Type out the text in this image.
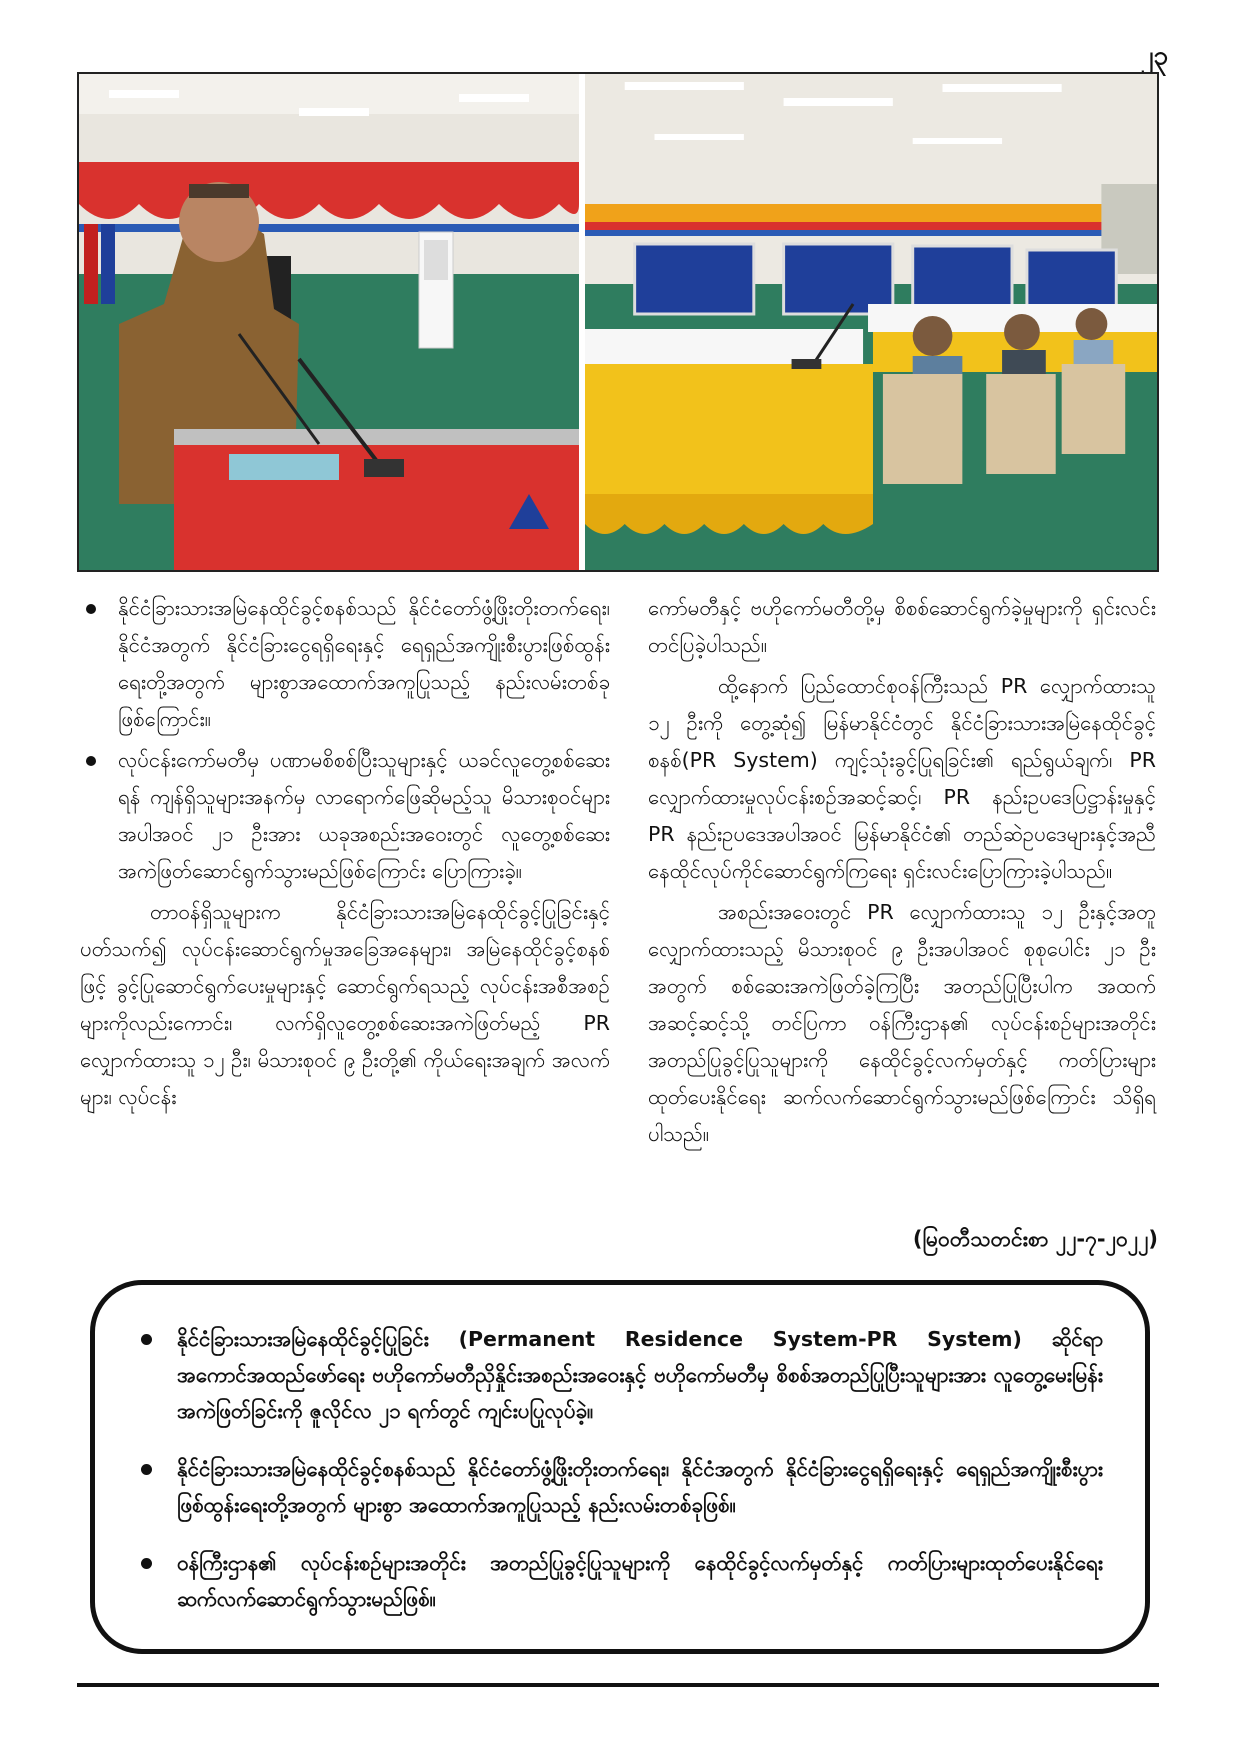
၂၃

နိုင်ငံခြားသားအမြဲနေထိုင်ခွင့်စနစ်သည် နိုင်ငံတော်ဖွံ့ဖြိုးတိုးတက်ရေး၊ နိုင်ငံအတွက် နိုင်ငံခြားငွေရရှိရေးနှင့် ရေရှည်အကျိုးစီးပွားဖြစ်ထွန်းရေးတို့အတွက် များစွာအထောက်အကူပြုသည့် နည်းလမ်းတစ်ခုဖြစ်ကြောင်း။

လုပ်ငန်းကော်မတီမှ ပဏာမစိစစ်ပြီးသူများနှင့် ယခင်လူတွေ့စစ်ဆေးရန် ကျန်ရှိသူများအနက်မှ လာရောက်ဖြေဆိုမည့်သူ မိသားစုဝင်များအပါအဝင် ၂၁ ဦးအား ယခုအစည်းအဝေးတွင် လူတွေ့စစ်ဆေးအကဲဖြတ်ဆောင်ရွက်သွားမည်ဖြစ်ကြောင်း ပြောကြားခဲ့။

တာဝန်ရှိသူများက နိုင်ငံခြားသားအမြဲနေထိုင်ခွင့်ပြုခြင်းနှင့်ပတ်သက်၍ လုပ်ငန်းဆောင်ရွက်မှုအခြေအနေများ၊ အမြဲနေထိုင်ခွင့်စနစ်ဖြင့် ခွင့်ပြုဆောင်ရွက်ပေးမှုများနှင့် ဆောင်ရွက်ရသည့် လုပ်ငန်းအစီအစဉ်များကိုလည်းကောင်း၊ လက်ရှိလူတွေ့စစ်ဆေးအကဲဖြတ်မည့် PR လျှောက်ထားသူ ၁၂ ဦး၊ မိသားစုဝင် ၉ ဦးတို့၏ ကိုယ်ရေးအချက် အလက်များ၊ လုပ်ငန်း

ကော်မတီနှင့် ဗဟိုကော်မတီတို့မှ စိစစ်ဆောင်ရွက်ခဲ့မှုများကို ရှင်းလင်းတင်ပြခဲ့ပါသည်။

ထို့နောက် ပြည်ထောင်စုဝန်ကြီးသည် PR လျှောက်ထားသူ ၁၂ ဦးကို တွေ့ဆုံ၍ မြန်မာနိုင်ငံတွင် နိုင်ငံခြားသားအမြဲနေထိုင်ခွင့်စနစ်(PR System) ကျင့်သုံးခွင့်ပြုရခြင်း၏ ရည်ရွယ်ချက်၊ PR လျှောက်ထားမှုလုပ်ငန်းစဉ်အဆင့်ဆင့်၊ PR နည်းဥပဒေပြဋ္ဌာန်းမှုနှင့် PR နည်းဥပဒေအပါအဝင် မြန်မာနိုင်ငံ၏ တည်ဆဲဥပဒေများနှင့်အညီ နေထိုင်လုပ်ကိုင်ဆောင်ရွက်ကြရေး ရှင်းလင်းပြောကြားခဲ့ပါသည်။

အစည်းအဝေးတွင် PR လျှောက်ထားသူ ၁၂ ဦးနှင့်အတူ လျှောက်ထားသည့် မိသားစုဝင် ၉ ဦးအပါအဝင် စုစုပေါင်း ၂၁ ဦးအတွက် စစ်ဆေးအကဲဖြတ်ခဲ့ကြပြီး အတည်ပြုပြီးပါက အထက်အဆင့်ဆင့်သို့ တင်ပြကာ ဝန်ကြီးဌာန၏ လုပ်ငန်းစဉ်များအတိုင်း အတည်ပြုခွင့်ပြုသူများကို နေထိုင်ခွင့်လက်မှတ်နှင့် ကတ်ပြားများထုတ်ပေးနိုင်ရေး ဆက်လက်ဆောင်ရွက်သွားမည်ဖြစ်ကြောင်း သိရှိရပါသည်။

(မြဝတီသတင်းစာ ၂၂-၇-၂၀၂၂)

နိုင်ငံခြားသားအမြဲနေထိုင်ခွင့်ပြုခြင်း (Permanent Residence System-PR System) ဆိုင်ရာအကောင်အထည်ဖော်ရေး ဗဟိုကော်မတီညှိနှိုင်းအစည်းအဝေးနှင့် ဗဟိုကော်မတီမှ စိစစ်အတည်ပြုပြီးသူများအား လူတွေ့မေးမြန်းအကဲဖြတ်ခြင်းကို ဇူလိုင်လ ၂၁ ရက်တွင် ကျင်းပပြုလုပ်ခဲ့။

နိုင်ငံခြားသားအမြဲနေထိုင်ခွင့်စနစ်သည် နိုင်ငံတော်ဖွံ့ဖြိုးတိုးတက်ရေး၊ နိုင်ငံအတွက် နိုင်ငံခြားငွေရရှိရေးနှင့် ရေရှည်အကျိုးစီးပွားဖြစ်ထွန်းရေးတို့အတွက် များစွာ အထောက်အကူပြုသည့် နည်းလမ်းတစ်ခုဖြစ်။

ဝန်ကြီးဌာန၏ လုပ်ငန်းစဉ်များအတိုင်း အတည်ပြုခွင့်ပြုသူများကို နေထိုင်ခွင့်လက်မှတ်နှင့် ကတ်ပြားများထုတ်ပေးနိုင်ရေး ဆက်လက်ဆောင်ရွက်သွားမည်ဖြစ်။
